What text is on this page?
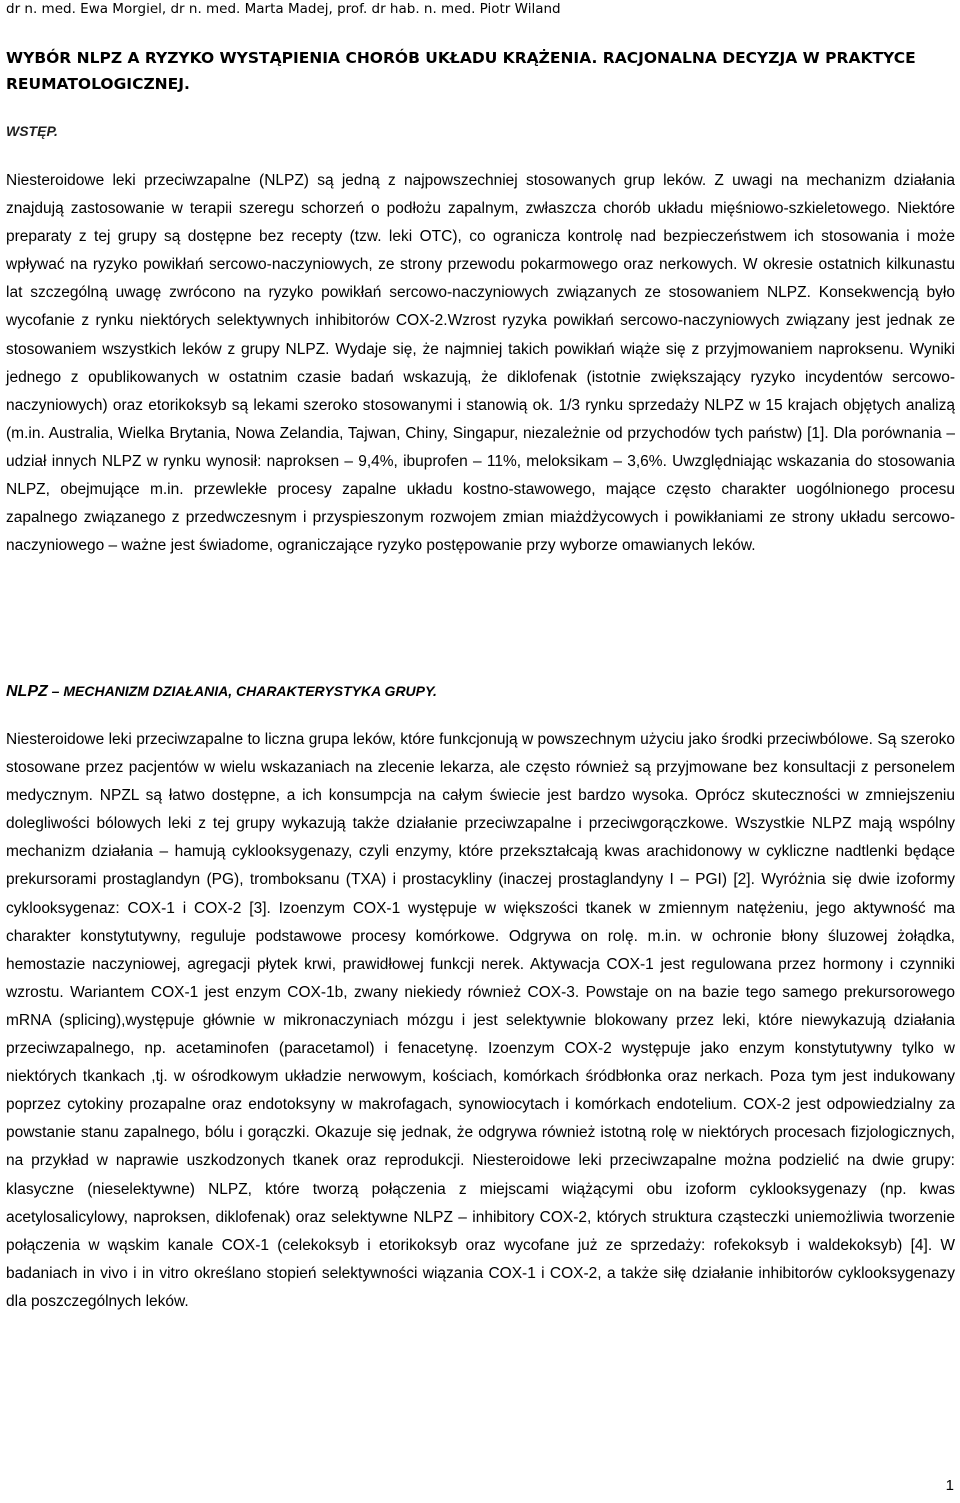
dr n. med. Ewa Morgiel, dr n. med. Marta Madej, prof. dr hab. n. med. Piotr Wiland
WYBÓR NLPZ A RYZYKO WYSTĄPIENIA CHORÓB UKŁADU KRĄŻENIA. RACJONALNA DECYZJA W PRAKTYCE REUMATOLOGICZNEJ.
WSTĘP.

Niesteroidowe leki przeciwzapalne (NLPZ) są jedną z najpowszechniej stosowanych grup leków. Z uwagi na mechanizm działania znajdują zastosowanie w terapii szeregu schorzeń o podłożu zapalnym, zwłaszcza chorób układu mięśniowo-szkieletowego. Niektóre preparaty z tej grupy są dostępne bez recepty (tzw. leki OTC), co ogranicza kontrolę nad bezpieczeństwem ich stosowania i może wpływać na ryzyko powikłań sercowo-naczyniowych, ze strony przewodu pokarmowego oraz nerkowych. W okresie ostatnich kilkunastu lat szczególną uwagę zwrócono na ryzyko powikłań sercowo-naczyniowych związanych ze stosowaniem NLPZ. Konsekwencją było wycofanie z rynku niektórych selektywnych inhibitorów COX-2.Wzrost ryzyka powikłań sercowo-naczyniowych związany jest jednak ze stosowaniem wszystkich leków z grupy NLPZ. Wydaje się, że najmniej takich powikłań wiąże się z przyjmowaniem naproksenu. Wyniki jednego z opublikowanych w ostatnim czasie badań wskazują, że diklofenak (istotnie zwiększający ryzyko incydentów sercowo-naczyniowych) oraz etorikoksyb są lekami szeroko stosowanymi i stanowią ok. 1/3 rynku sprzedaży NLPZ w 15 krajach objętych analizą (m.in. Australia, Wielka Brytania, Nowa Zelandia, Tajwan, Chiny, Singapur, niezależnie od przychodów tych państw) [1]. Dla porównania – udział innych NLPZ w rynku wynosił: naproksen – 9,4%, ibuprofen – 11%, meloksikam – 3,6%. Uwzględniając wskazania do stosowania NLPZ, obejmujące m.in. przewlekłe procesy zapalne układu kostno-stawowego, mające często charakter uogólnionego procesu zapalnego związanego z przedwczesnym i przyspieszonym rozwojem zmian miażdżycowych i powikłaniami ze strony układu sercowo-naczyniowego – ważne jest świadome, ograniczające ryzyko postępowanie przy wyborze omawianych leków.

NLPZ – MECHANIZM DZIAŁANIA, CHARAKTERYSTYKA GRUPY.

Niesteroidowe leki przeciwzapalne to liczna grupa leków, które funkcjonują w powszechnym użyciu jako środki przeciwbólowe. Są szeroko stosowane przez pacjentów w wielu wskazaniach na zlecenie lekarza, ale często również są przyjmowane bez konsultacji z personelem medycznym. NPZL są łatwo dostępne, a ich konsumpcja na całym świecie jest bardzo wysoka. Oprócz skuteczności w zmniejszeniu dolegliwości bólowych leki z tej grupy wykazują także działanie przeciwzapalne i przeciwgorączkowe. Wszystkie NLPZ mają wspólny mechanizm działania – hamują cyklooksygenazy, czyli enzymy, które przekształcają kwas arachidonowy w cykliczne nadtlenki będące prekursorami prostaglandyn (PG), tromboksanu (TXA) i prostacykliny (inaczej prostaglandyny I – PGI) [2]. Wyróżnia się dwie izoformy cyklooksygenaz: COX-1 i COX-2 [3]. Izoenzym COX-1 występuje w większości tkanek w zmiennym natężeniu, jego aktywność ma charakter konstytutywny, reguluje podstawowe procesy komórkowe. Odgrywa on rolę. m.in. w ochronie błony śluzowej żołądka, hemostazie naczyniowej, agregacji płytek krwi, prawidłowej funkcji nerek. Aktywacja COX-1 jest regulowana przez hormony i czynniki wzrostu. Wariantem COX-1 jest enzym COX-1b, zwany niekiedy również COX-3. Powstaje on na bazie tego samego prekursorowego mRNA (splicing),występuje głównie w mikronaczyniach mózgu i jest selektywnie blokowany przez leki, które niewykazują działania przeciwzapalnego, np. acetaminofen (paracetamol) i fenacetynę. Izoenzym COX-2 występuje jako enzym konstytutywny tylko w niektórych tkankach ,tj. w ośrodkowym układzie nerwowym, kościach, komórkach śródbłonka oraz nerkach. Poza tym jest indukowany poprzez cytokiny prozapalne oraz endotoksyny w makrofagach, synowiocytach i komórkach endotelium. COX-2 jest odpowiedzialny za powstanie stanu zapalnego, bólu i gorączki. Okazuje się jednak, że odgrywa również istotną rolę w niektórych procesach fizjologicznych, na przykład w naprawie uszkodzonych tkanek oraz reprodukcji. Niesteroidowe leki przeciwzapalne można podzielić na dwie grupy: klasyczne (nieselektywne) NLPZ, które tworzą połączenia z miejscami wiążącymi obu izoform cyklooksygenazy (np. kwas acetylosalicylowy, naproksen, diklofenak) oraz selektywne NLPZ – inhibitory COX-2, których struktura cząsteczki uniemożliwia tworzenie połączenia w wąskim kanale COX-1 (celekoksyb i etorikoksyb oraz wycofane już ze sprzedaży: rofekoksyb i waldekoksyb) [4]. W badaniach in vivo i in vitro określano stopień selektywności wiązania COX-1 i COX-2, a także siłę działanie inhibitorów cyklooksygenazy dla poszczególnych leków.

1
